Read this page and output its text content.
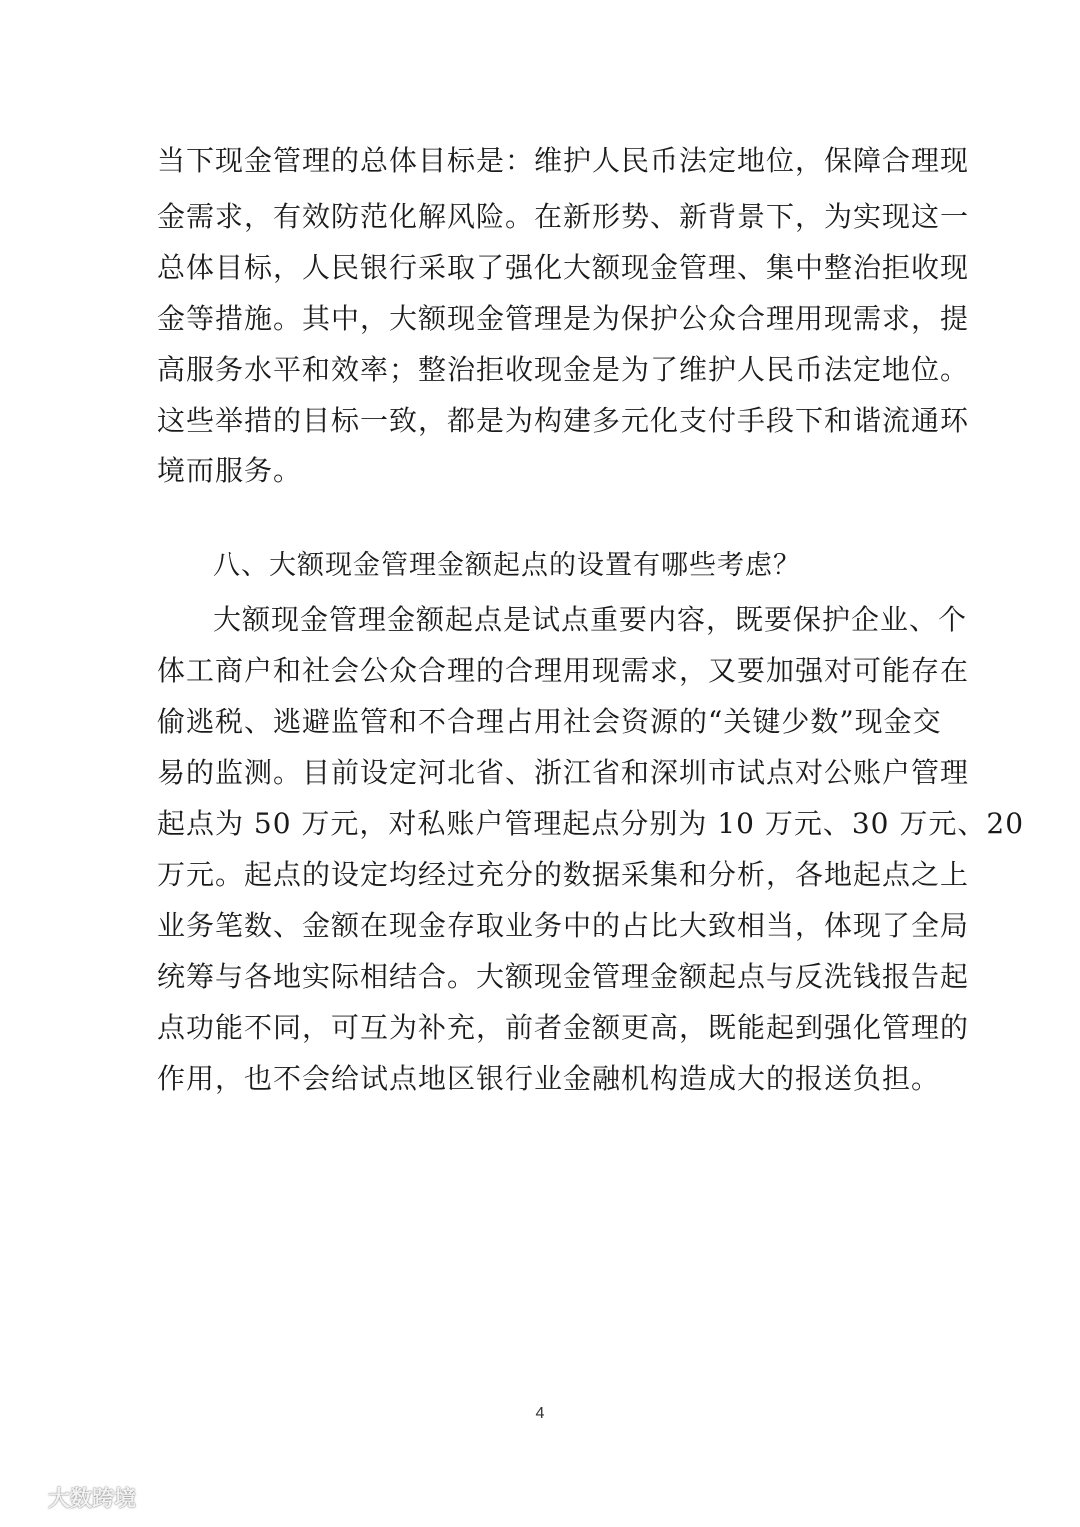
当下现金管理的总体目标是：维护人民币法定地位，保障合理现
金需求，有效防范化解风险。在新形势、新背景下，为实现这一
总体目标，人民银行采取了强化大额现金管理、集中整治拒收现
金等措施。其中，大额现金管理是为保护公众合理用现需求，提
高服务水平和效率；整治拒收现金是为了维护人民币法定地位。
这些举措的目标一致，都是为构建多元化支付手段下和谐流通环
境而服务。
八、大额现金管理金额起点的设置有哪些考虑？
大额现金管理金额起点是试点重要内容，既要保护企业、个
体工商户和社会公众合理的合理用现需求，又要加强对可能存在
偷逃税、逃避监管和不合理占用社会资源的“关键少数”现金交
易的监测。目前设定河北省、浙江省和深圳市试点对公账户管理
起点为 50 万元，对私账户管理起点分别为 10 万元、30 万元、20
万元。起点的设定均经过充分的数据采集和分析，各地起点之上
业务笔数、金额在现金存取业务中的占比大致相当，体现了全局
统筹与各地实际相结合。大额现金管理金额起点与反洗钱报告起
点功能不同，可互为补充，前者金额更高，既能起到强化管理的
作用，也不会给试点地区银行业金融机构造成大的报送负担。
4
大数跨境
